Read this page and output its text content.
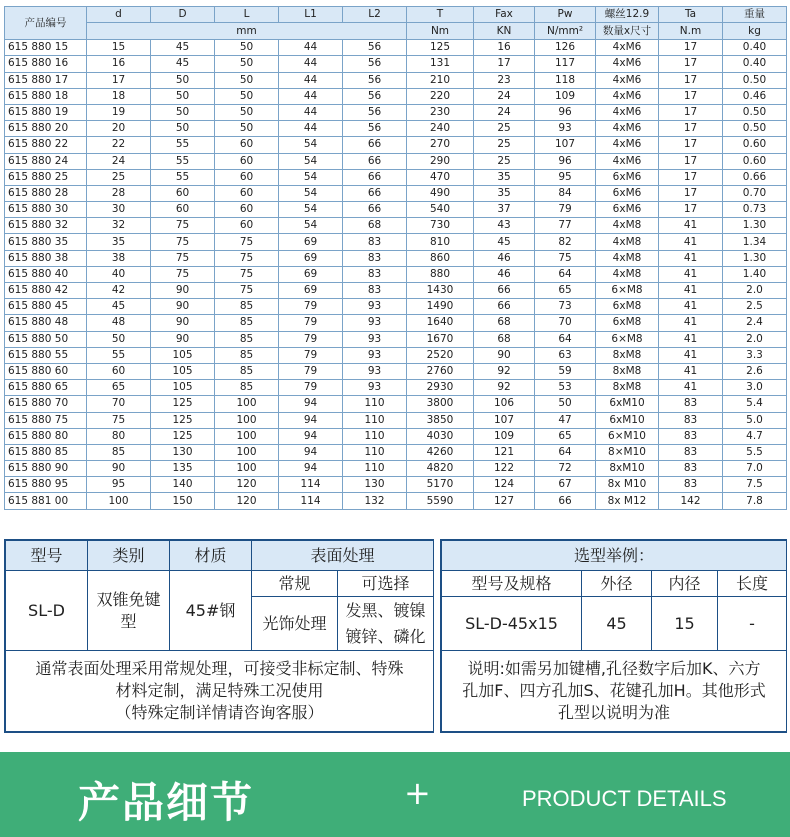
产品编号	d	D	L	L1	L2	T	Fax	Pw	螺丝12.9	Ta	重量
	mm					Nm	KN	N/mm²	数量x尺寸	N.m	kg
615 880 15	15	45	50	44	56	125	16	126	4xM6	17	0.40
615 880 16	16	45	50	44	56	131	17	117	4xM6	17	0.40
615 880 17	17	50	50	44	56	210	23	118	4xM6	17	0.50
615 880 18	18	50	50	44	56	220	24	109	4xM6	17	0.46
615 880 19	19	50	50	44	56	230	24	96	4xM6	17	0.50
615 880 20	20	50	50	44	56	240	25	93	4xM6	17	0.50
615 880 22	22	55	60	54	66	270	25	107	4xM6	17	0.60
615 880 24	24	55	60	54	66	290	25	96	4xM6	17	0.60
615 880 25	25	55	60	54	66	470	35	95	6xM6	17	0.66
615 880 28	28	60	60	54	66	490	35	84	6xM6	17	0.70
615 880 30	30	60	60	54	66	540	37	79	6xM6	17	0.73
615 880 32	32	75	60	54	68	730	43	77	4xM8	41	1.30
615 880 35	35	75	75	69	83	810	45	82	4xM8	41	1.34
615 880 38	38	75	75	69	83	860	46	75	4xM8	41	1.30
615 880 40	40	75	75	69	83	880	46	64	4xM8	41	1.40
615 880 42	42	90	75	69	83	1430	66	65	6×M8	41	2.0
615 880 45	45	90	85	79	93	1490	66	73	6xM8	41	2.5
615 880 48	48	90	85	79	93	1640	68	70	6xM8	41	2.4
615 880 50	50	90	85	79	93	1670	68	64	6×M8	41	2.0
615 880 55	55	105	85	79	93	2520	90	63	8xM8	41	3.3
615 880 60	60	105	85	79	93	2760	92	59	8xM8	41	2.6
615 880 65	65	105	85	79	93	2930	92	53	8xM8	41	3.0
615 880 70	70	125	100	94	110	3800	106	50	6xM10	83	5.4
615 880 75	75	125	100	94	110	3850	107	47	6xM10	83	5.0
615 880 80	80	125	100	94	110	4030	109	65	6×M10	83	4.7
615 880 85	85	130	100	94	110	4260	121	64	8×M10	83	5.5
615 880 90	90	135	100	94	110	4820	122	72	8xM10	83	7.0
615 880 95	95	140	120	114	130	5170	124	67	8x M10	83	7.5
615 881 00	100	150	120	114	132	5590	127	66	8x M12	142	7.8
型号	类别	材质	表面处理	
SL-D	双锥免键型	45#钢	常规	可选择
			光饰处理	发黑、镀镍
镀锌、磷化

通常表面处理采用常规处理，可接受非标定制、特殊
材料定制，满足特殊工况使用
（特殊定制详情请咨询客服）				
选型举例：			
型号及规格	外径	内径	长度
SL-D-45x15	45	15	-

说明:如需另加键槽,孔径数字后加K、六方
孔加F、四方孔加S、花键孔加H。其他形式
孔型以说明为准			
产品细节	+	PRODUCT DETAILS
